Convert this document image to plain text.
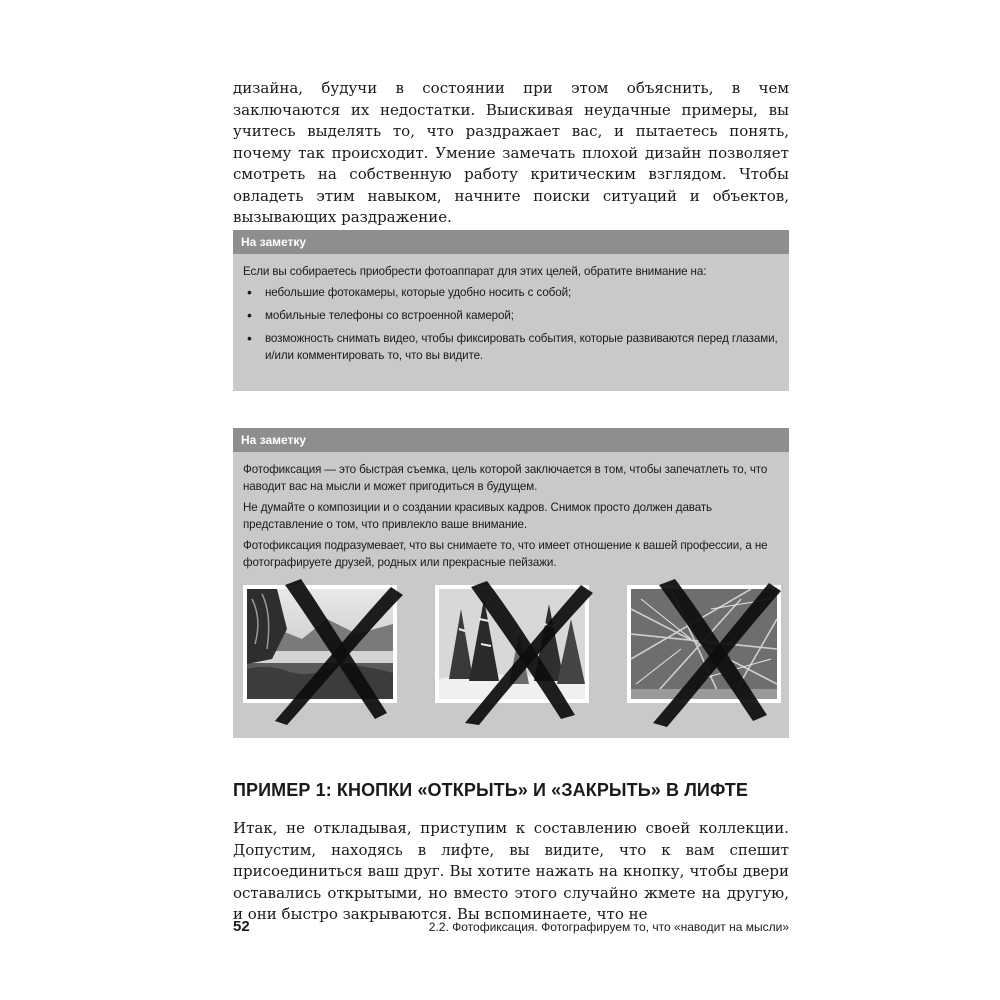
дизайна, будучи в состоянии при этом объяснить, в чем заключаются их недостатки. Выискивая неудачные примеры, вы учитесь выделять то, что раздражает вас, и пытаетесь понять, почему так происходит. Умение замечать плохой дизайн позволяет смотреть на собственную работу критическим взглядом. Чтобы овладеть этим навыком, начните поиски ситуаций и объектов, вызывающих раздражение.

На заметку

Если вы собираетесь приобрести фотоаппарат для этих целей, обратите внимание на:

• небольшие фотокамеры, которые удобно носить с собой;
• мобильные телефоны со встроенной камерой;
• возможность снимать видео, чтобы фиксировать события, которые развиваются перед глазами, и/или комментировать то, что вы видите.
На заметку

Фотофиксация — это быстрая съемка, цель которой заключается в том, чтобы запечатлеть то, что наводит вас на мысли и может пригодиться в будущем.

Не думайте о композиции и о создании красивых кадров. Снимок просто должен давать представление о том, что привлекло ваше внимание.

Фотофиксация подразумевает, что вы снимаете то, что имеет отношение к вашей профессии, а не фотографируете друзей, родных или прекрасные пейзажи.

ПРИМЕР 1: КНОПКИ «ОТКРЫТЬ» И «ЗАКРЫТЬ» В ЛИФТЕ

Итак, не откладывая, приступим к составлению своей коллекции. Допустим, находясь в лифте, вы видите, что к вам спешит присоединиться ваш друг. Вы хотите нажать на кнопку, чтобы двери оставались открытыми, но вместо этого случайно жмете на другую, и они быстро закрываются. Вы вспоминаете, что не

52	2.2. Фотофиксация. Фотографируем то, что «наводит на мысли»
